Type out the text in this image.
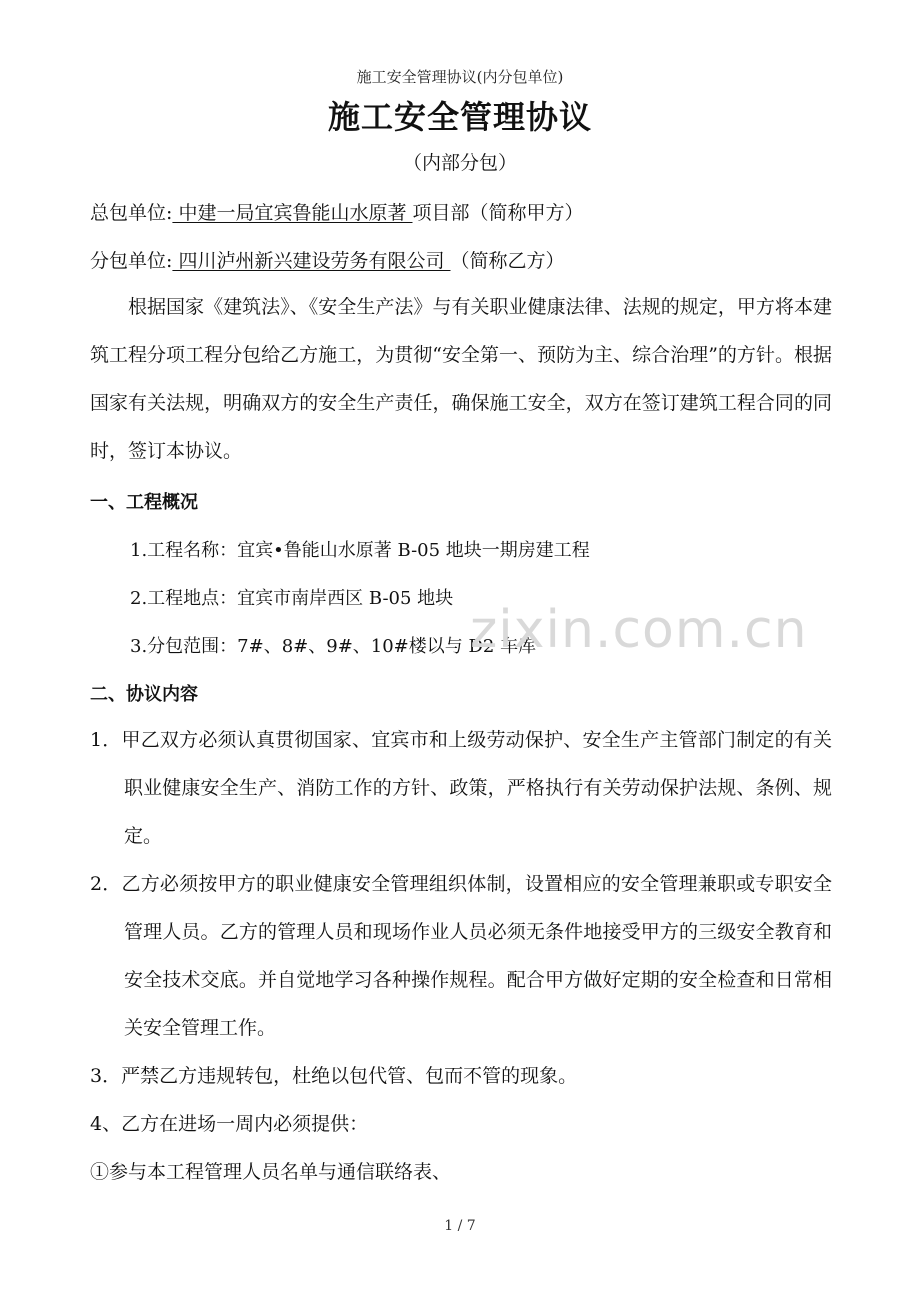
施工安全管理协议(内分包单位)
施工安全管理协议
（内部分包）
总包单位: 中建一局宜宾鲁能山水原著 项目部（简称甲方）
分包单位: 四川泸州新兴建设劳务有限公司 （简称乙方）
根据国家《建筑法》、《安全生产法》与有关职业健康法律、法规的规定，甲方将本建筑工程分项工程分包给乙方施工，为贯彻“安全第一、预防为主、综合治理”的方针。根据国家有关法规，明确双方的安全生产责任，确保施工安全，双方在签订建筑工程合同的同时，签订本协议。
一、工程概况
1.工程名称：宜宾•鲁能山水原著 B-05 地块一期房建工程
2.工程地点：宜宾市南岸西区 B-05 地块
3.分包范围：7#、8#、9#、10#楼以与 D2 车库
二、协议内容
1．甲乙双方必须认真贯彻国家、宜宾市和上级劳动保护、安全生产主管部门制定的有关职业健康安全生产、消防工作的方针、政策，严格执行有关劳动保护法规、条例、规定。
2．乙方必须按甲方的职业健康安全管理组织体制，设置相应的安全管理兼职或专职安全管理人员。乙方的管理人员和现场作业人员必须无条件地接受甲方的三级安全教育和安全技术交底。并自觉地学习各种操作规程。配合甲方做好定期的安全检查和日常相关安全管理工作。
3．严禁乙方违规转包，杜绝以包代管、包而不管的现象。
4、乙方在进场一周内必须提供：
①参与本工程管理人员名单与通信联络表、
zixin.com.cn
1 / 7
